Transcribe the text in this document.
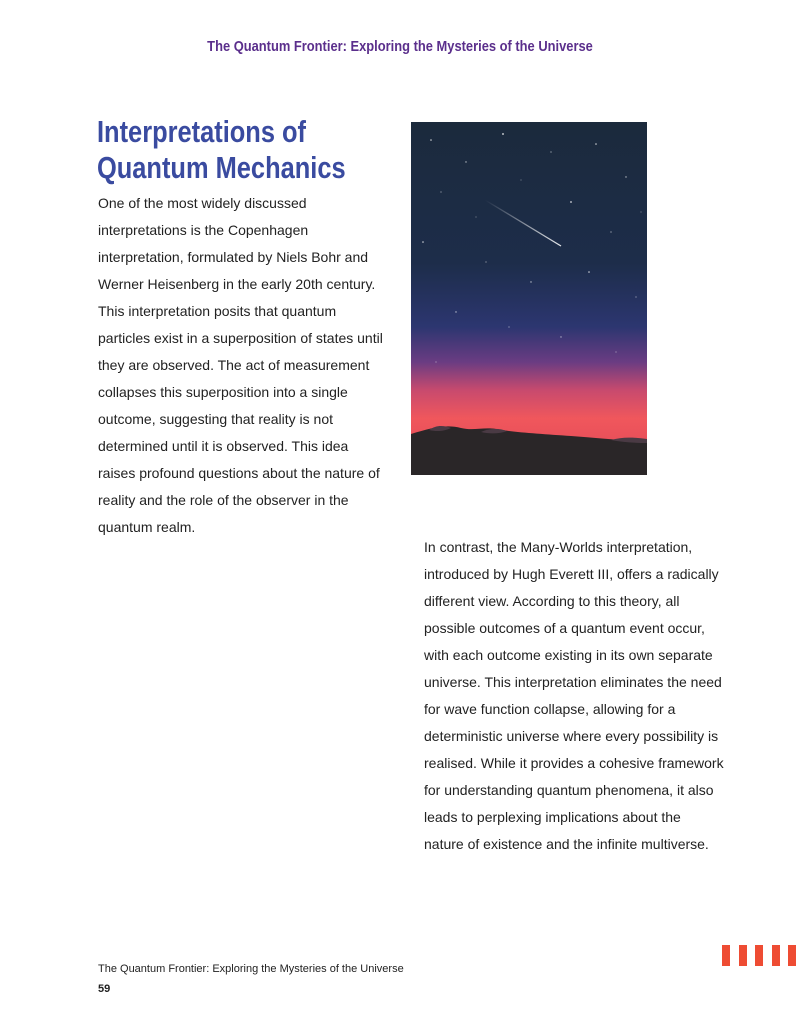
The Quantum Frontier: Exploring the Mysteries of the Universe
Interpretations of
Quantum Mechanics

One of the most widely discussed interpretations is the Copenhagen interpretation, formulated by Niels Bohr and Werner Heisenberg in the early 20th century. This interpretation posits that quantum particles exist in a superposition of states until they are observed. The act of measurement collapses this superposition into a single outcome, suggesting that reality is not determined until it is observed. This idea raises profound questions about the nature of reality and the role of the observer in the quantum realm.

In contrast, the Many-Worlds interpretation, introduced by Hugh Everett III, offers a radically different view. According to this theory, all possible outcomes of a quantum event occur, with each outcome existing in its own separate universe. This interpretation eliminates the need for wave function collapse, allowing for a deterministic universe where every possibility is realised. While it provides a cohesive framework for understanding quantum phenomena, it also leads to perplexing implications about the nature of existence and the infinite multiverse.

The Quantum Frontier: Exploring the Mysteries of the Universe
59
